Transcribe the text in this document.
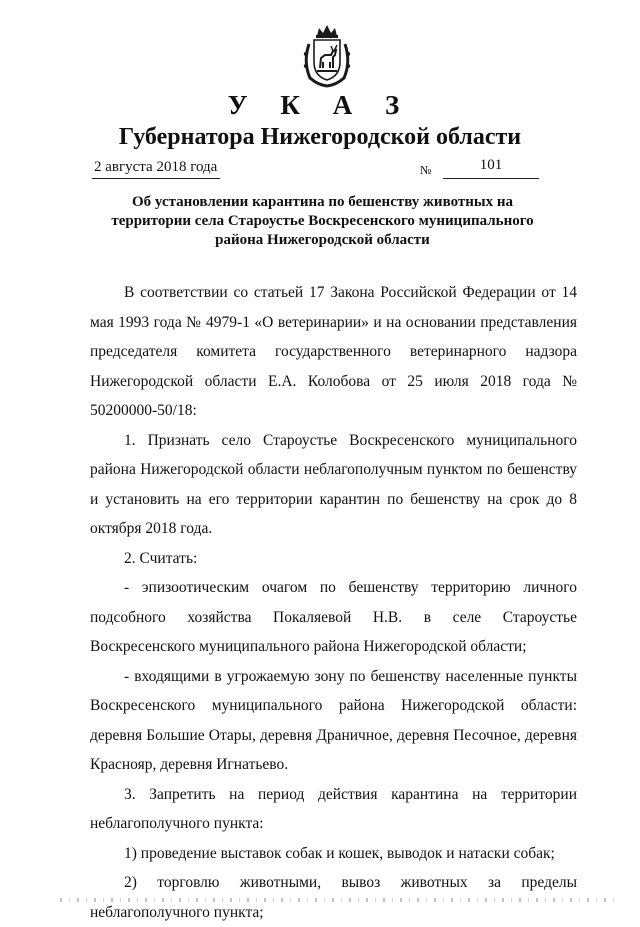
У К А З
Губернатора Нижегородской области
2 августа 2018 года	№	101
Об установлении карантина по бешенству животных на
территории села Староустье Воскресенского муниципального
района Нижегородской области

В соответствии со статьей 17 Закона Российской Федерации от 14 мая 1993 года № 4979-1 «О ветеринарии» и на основании представления председателя комитета государственного ветеринарного надзора Нижегородской области Е.А. Колобова от 25 июля 2018 года № 50200000-50/18:

1. Признать село Староустье Воскресенского муниципального района Нижегородской области неблагополучным пунктом по бешенству и установить на его территории карантин по бешенству на срок до 8 октября 2018 года.

2. Считать:

- эпизоотическим очагом по бешенству территорию личного подсобного хозяйства Покаляевой Н.В. в селе Староустье Воскресенского муниципального района Нижегородской области;

- входящими в угрожаемую зону по бешенству населенные пункты Воскресенского муниципального района Нижегородской области: деревня Большие Отары, деревня Драничное, деревня Песочное, деревня Краснояр, деревня Игнатьево.

3. Запретить на период действия карантина на территории неблагополучного пункта:

1) проведение выставок собак и кошек, выводок и натаски собак;

2) торговлю животными, вывоз животных за пределы неблагополучного пункта;
